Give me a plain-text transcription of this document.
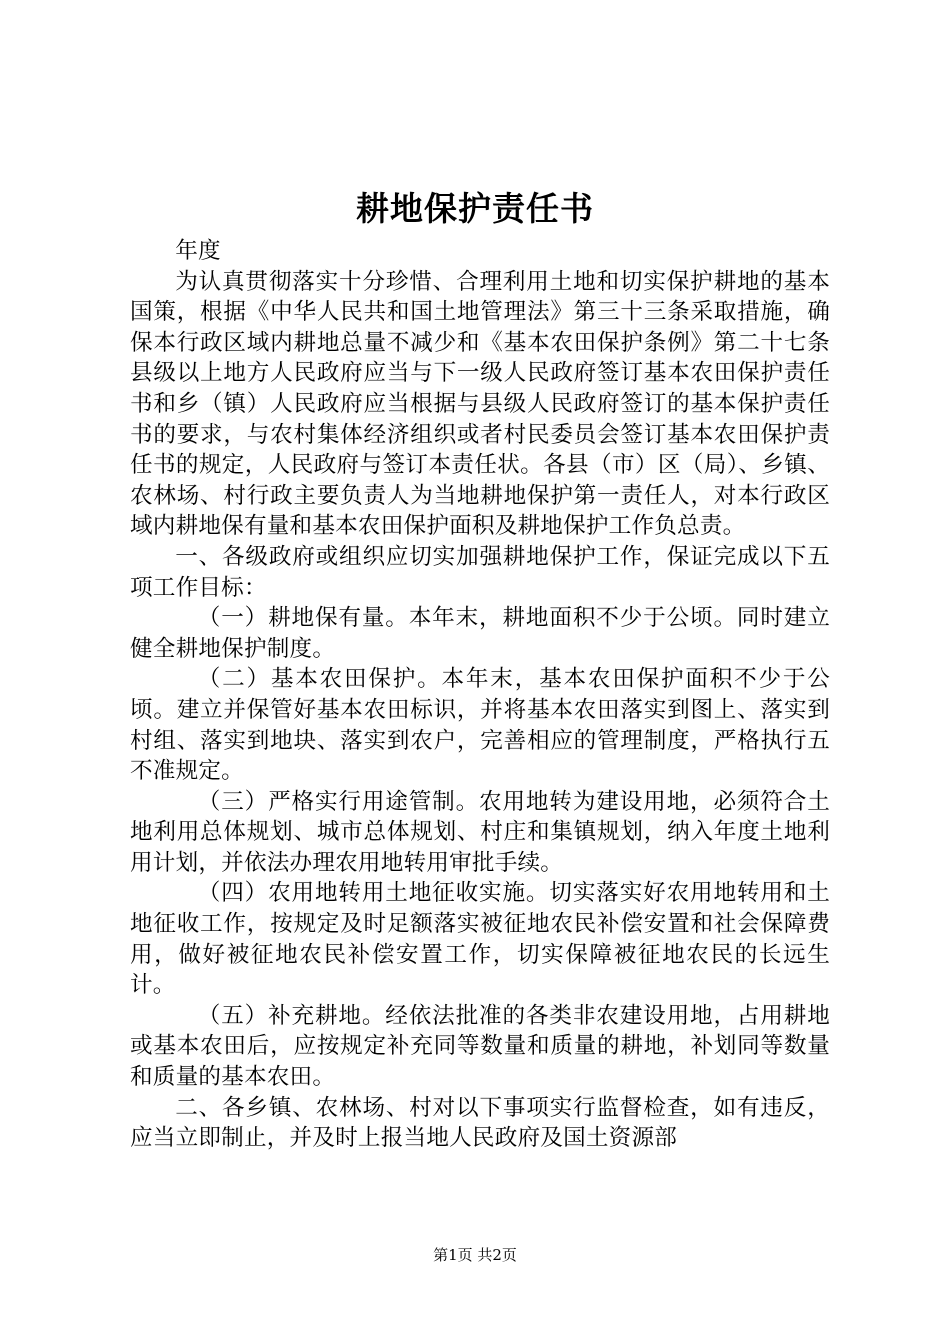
耕地保护责任书

年度

为认真贯彻落实十分珍惜、合理利用土地和切实保护耕地的基本国策，根据《中华人民共和国土地管理法》第三十三条采取措施，确保本行政区域内耕地总量不减少和《基本农田保护条例》第二十七条县级以上地方人民政府应当与下一级人民政府签订基本农田保护责任书和乡（镇）人民政府应当根据与县级人民政府签订的基本保护责任书的要求，与农村集体经济组织或者村民委员会签订基本农田保护责任书的规定，人民政府与签订本责任状。各县（市）区（局）、乡镇、农林场、村行政主要负责人为当地耕地保护第一责任人，对本行政区域内耕地保有量和基本农田保护面积及耕地保护工作负总责。

一、各级政府或组织应切实加强耕地保护工作，保证完成以下五项工作目标：

（一）耕地保有量。本年末，耕地面积不少于公顷。同时建立健全耕地保护制度。

（二）基本农田保护。本年末，基本农田保护面积不少于公顷。建立并保管好基本农田标识，并将基本农田落实到图上、落实到村组、落实到地块、落实到农户，完善相应的管理制度，严格执行五不准规定。

（三）严格实行用途管制。农用地转为建设用地，必须符合土地利用总体规划、城市总体规划、村庄和集镇规划，纳入年度土地利用计划，并依法办理农用地转用审批手续。

（四）农用地转用土地征收实施。切实落实好农用地转用和土地征收工作，按规定及时足额落实被征地农民补偿安置和社会保障费用，做好被征地农民补偿安置工作，切实保障被征地农民的长远生计。

（五）补充耕地。经依法批准的各类非农建设用地，占用耕地或基本农田后，应按规定补充同等数量和质量的耕地，补划同等数量和质量的基本农田。

二、各乡镇、农林场、村对以下事项实行监督检查，如有违反，应当立即制止，并及时上报当地人民政府及国土资源部

第1页 共2页
